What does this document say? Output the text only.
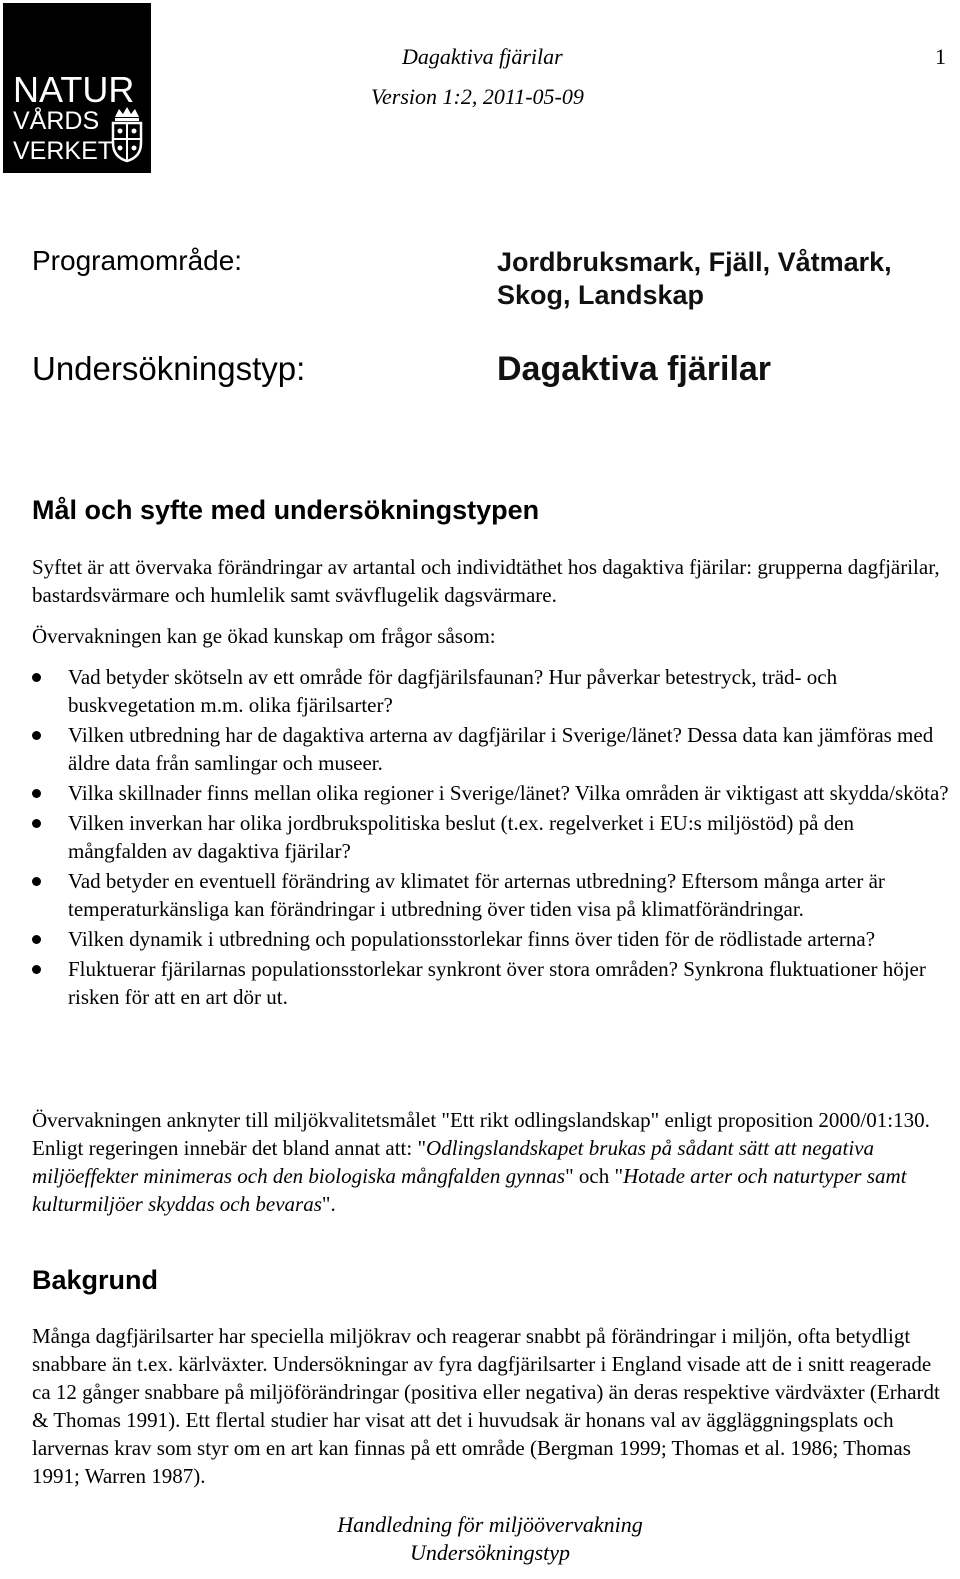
NATUR
VÅRDS
VERKET
Dagaktiva fjärilar
Version 1:2, 2011-05-09
1
Programområde:	Jordbruksmark, Fjäll, Våtmark,
Skog, Landskap
Undersökningstyp:	Dagaktiva fjärilar
Mål och syfte med undersökningstypen

Syftet är att övervaka förändringar av artantal och individtäthet hos dagaktiva fjärilar: grupperna dagfjärilar, bastardsvärmare och humlelik samt svävflugelik dagsvärmare.

Övervakningen kan ge ökad kunskap om frågor såsom:

Vad betyder skötseln av ett område för dagfjärilsfaunan? Hur påverkar betestryck, träd- och buskvegetation m.m. olika fjärilsarter?
Vilken utbredning har de dagaktiva arterna av dagfjärilar i Sverige/länet? Dessa data kan jämföras med äldre data från samlingar och museer.
Vilka skillnader finns mellan olika regioner i Sverige/länet? Vilka områden är viktigast att skydda/sköta?
Vilken inverkan har olika jordbrukspolitiska beslut (t.ex. regelverket i EU:s miljöstöd) på den mångfalden av dagaktiva fjärilar?
Vad betyder en eventuell förändring av klimatet för arternas utbredning? Eftersom många arter är temperaturkänsliga kan förändringar i utbredning över tiden visa på klimatförändringar.
Vilken dynamik i utbredning och populationsstorlekar finns över tiden för de rödlistade arterna?
Fluktuerar fjärilarnas populationsstorlekar synkront över stora områden? Synkrona fluktuationer höjer risken för att en art dör ut.

Övervakningen anknyter till miljökvalitetsmålet "Ett rikt odlingslandskap" enligt proposition 2000/01:130. Enligt regeringen innebär det bland annat att: "Odlingslandskapet brukas på sådant sätt att negativa miljöeffekter minimeras och den biologiska mångfalden gynnas" och "Hotade arter och naturtyper samt kulturmiljöer skyddas och bevaras".

Bakgrund

Många dagfjärilsarter har speciella miljökrav och reagerar snabbt på förändringar i miljön, ofta betydligt snabbare än t.ex. kärlväxter. Undersökningar av fyra dagfjärilsarter i England visade att de i snitt reagerade ca 12 gånger snabbare på miljöförändringar (positiva eller negativa) än deras respektive värdväxter (Erhardt & Thomas 1991). Ett flertal studier har visat att det i huvudsak är honans val av äggläggningsplats och larvernas krav som styr om en art kan finnas på ett område (Bergman 1999; Thomas et al. 1986; Thomas 1991; Warren 1987).

Handledning för miljöövervakning
Undersökningstyp
